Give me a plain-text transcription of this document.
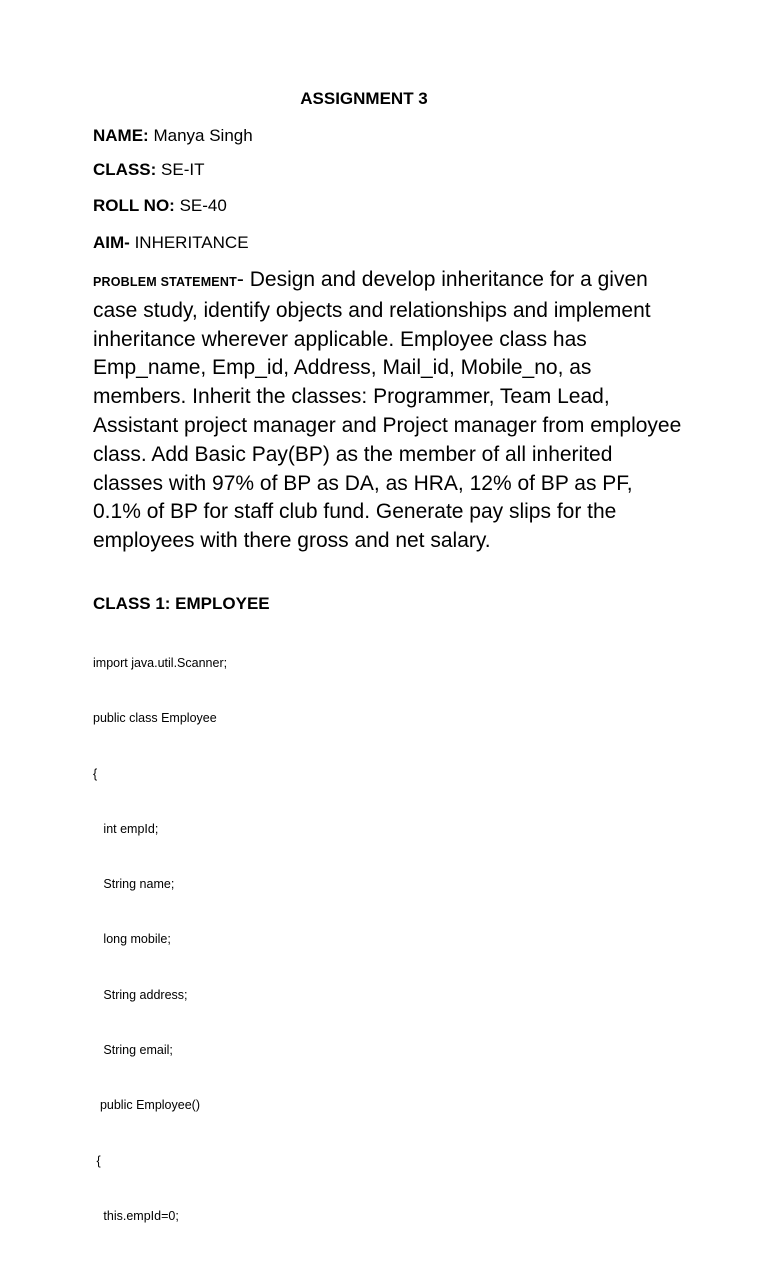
ASSIGNMENT 3
NAME: Manya Singh
CLASS: SE-IT
ROLL NO: SE-40
AIM- INHERITANCE
PROBLEM STATEMENT- Design and develop inheritance for a given case study, identify objects and relationships and implement inheritance wherever applicable. Employee class has Emp_name, Emp_id, Address, Mail_id, Mobile_no, as members. Inherit the classes: Programmer, Team Lead, Assistant project manager and Project manager from employee class. Add Basic Pay(BP) as the member of all inherited classes with 97% of BP as DA, as HRA, 12% of BP as PF, 0.1% of BP for staff club fund. Generate pay slips for the employees with there gross and net salary.
CLASS 1: EMPLOYEE

import java.util.Scanner;

public class Employee

{

int empId;

String name;

long mobile;

String address;

String email;

public Employee()

{

this.empId=0;
